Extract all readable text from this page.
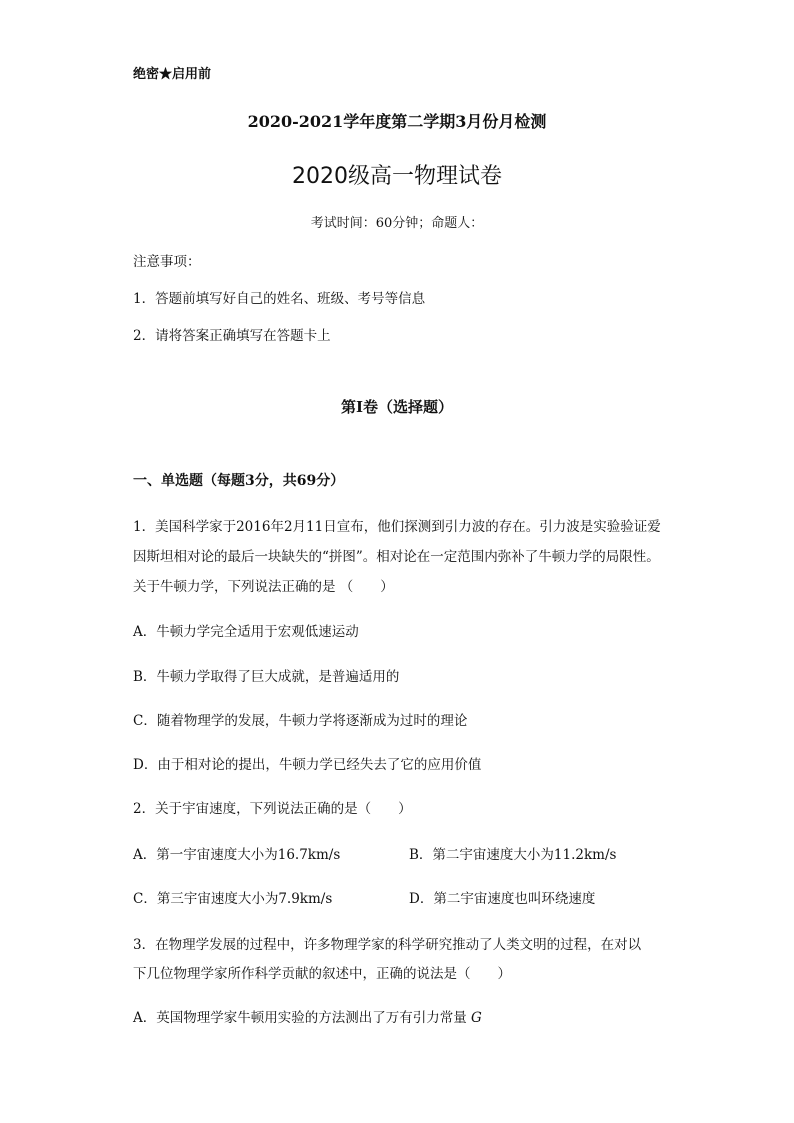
绝密★启用前
2020-2021学年度第二学期3月份月检测
2020级高一物理试卷
考试时间：60分钟；命题人：
注意事项：
1．答题前填写好自己的姓名、班级、考号等信息
2．请将答案正确填写在答题卡上
第I卷（选择题）
一、单选题（每题3分，共69分）
1．美国科学家于2016年2月11日宣布，他们探测到引力波的存在。引力波是实验验证爱因斯坦相对论的最后一块缺失的“拼图”。相对论在一定范围内弥补了牛顿力学的局限性。关于牛顿力学，下列说法正确的是 （　　）
A．牛顿力学完全适用于宏观低速运动
B．牛顿力学取得了巨大成就，是普遍适用的
C．随着物理学的发展，牛顿力学将逐渐成为过时的理论
D．由于相对论的提出，牛顿力学已经失去了它的应用价值
2．关于宇宙速度，下列说法正确的是（　　）
A．第一宇宙速度大小为16.7km/s	B．第二宇宙速度大小为11.2km/s
C．第三宇宙速度大小为7.9km/s	D．第二宇宙速度也叫环绕速度
3．在物理学发展的过程中，许多物理学家的科学研究推动了人类文明的过程，在对以
下几位物理学家所作科学贡献的叙述中，正确的说法是（　　）
A．英国物理学家牛顿用实验的方法测出了万有引力常量 G
